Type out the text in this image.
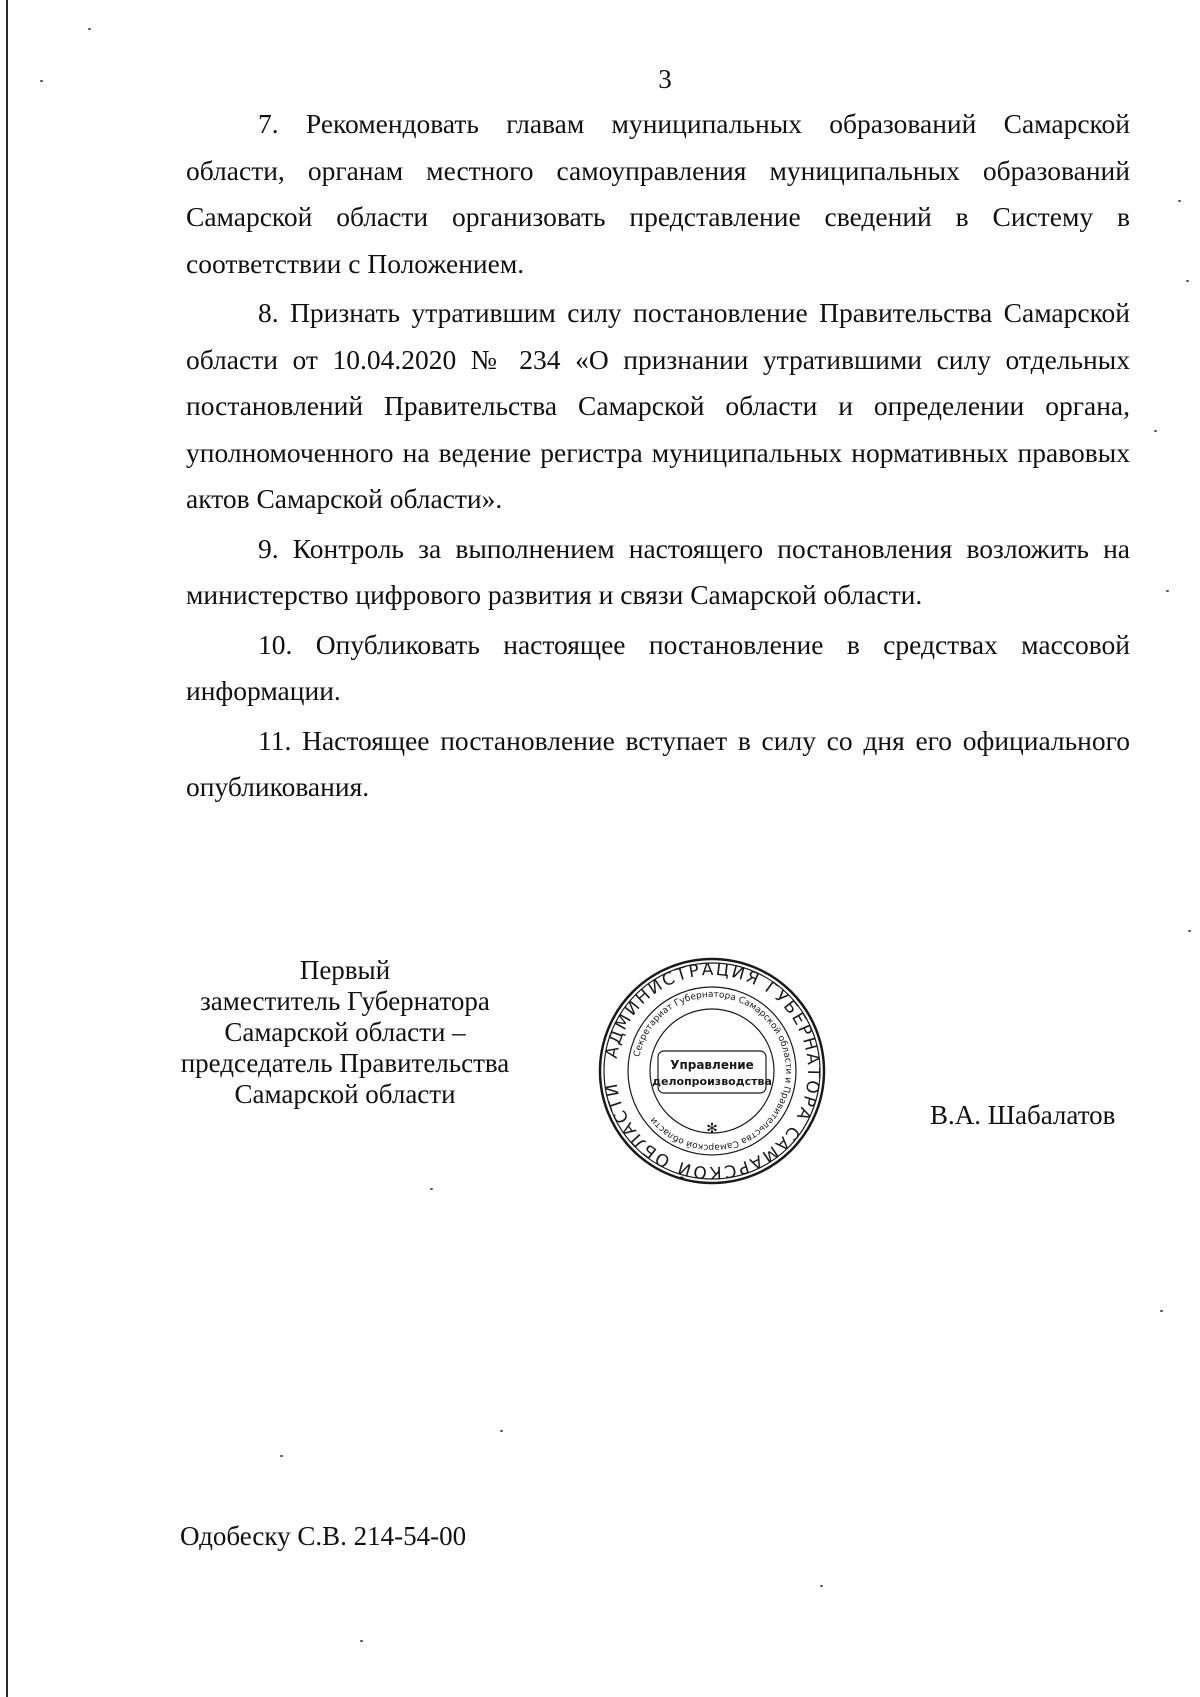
3

7. Рекомендовать главам муниципальных образований Самарской области, органам местного самоуправления муниципальных образований Самарской области организовать представление сведений в Систему в соответствии с Положением.

8. Признать утратившим силу постановление Правительства Самарской области от 10.04.2020 № 234 «О признании утратившими силу отдельных постановлений Правительства Самарской области и определении органа, уполномоченного на ведение регистра муниципальных нормативных правовых актов Самарской области».

9. Контроль за выполнением настоящего постановления возложить на министерство цифрового развития и связи Самарской области.

10. Опубликовать настоящее постановление в средствах массовой информации.

11. Настоящее постановление вступает в силу со дня его официального опубликования.

Первый
заместитель Губернатора
Самарской области –
председатель Правительства
Самарской области
АДМИНИСТРАЦИЯ ГУБЕРНАТОРА САМАРСКОЙ ОБЛАСТИ
Секретариат Губернатора Самарской области и Правительства Самарской области
Управление
делопроизводства
✻	В.А. Шабалатов
Одобеску С.В. 214-54-00
